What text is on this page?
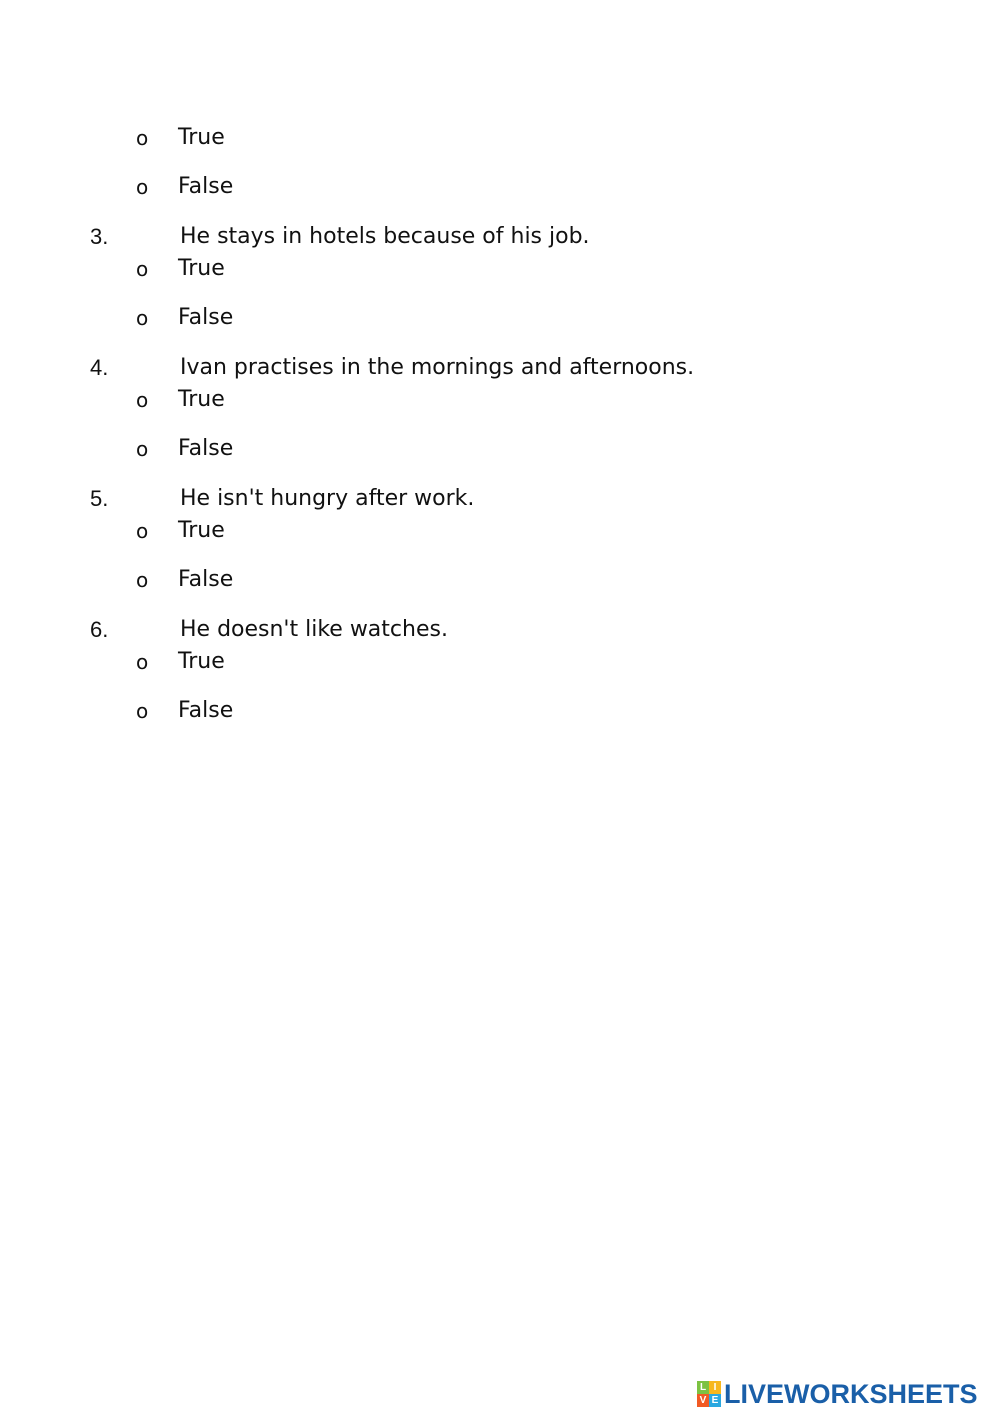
o True
o False
3.	He stays in hotels because of his job.
o True
o False
4.	Ivan practises in the mornings and afternoons.
o True
o False
5.	He isn't hungry after work.
o True
o False
6.	He doesn't like watches.
o True
o False
L I
V E LIVEWORKSHEETS
